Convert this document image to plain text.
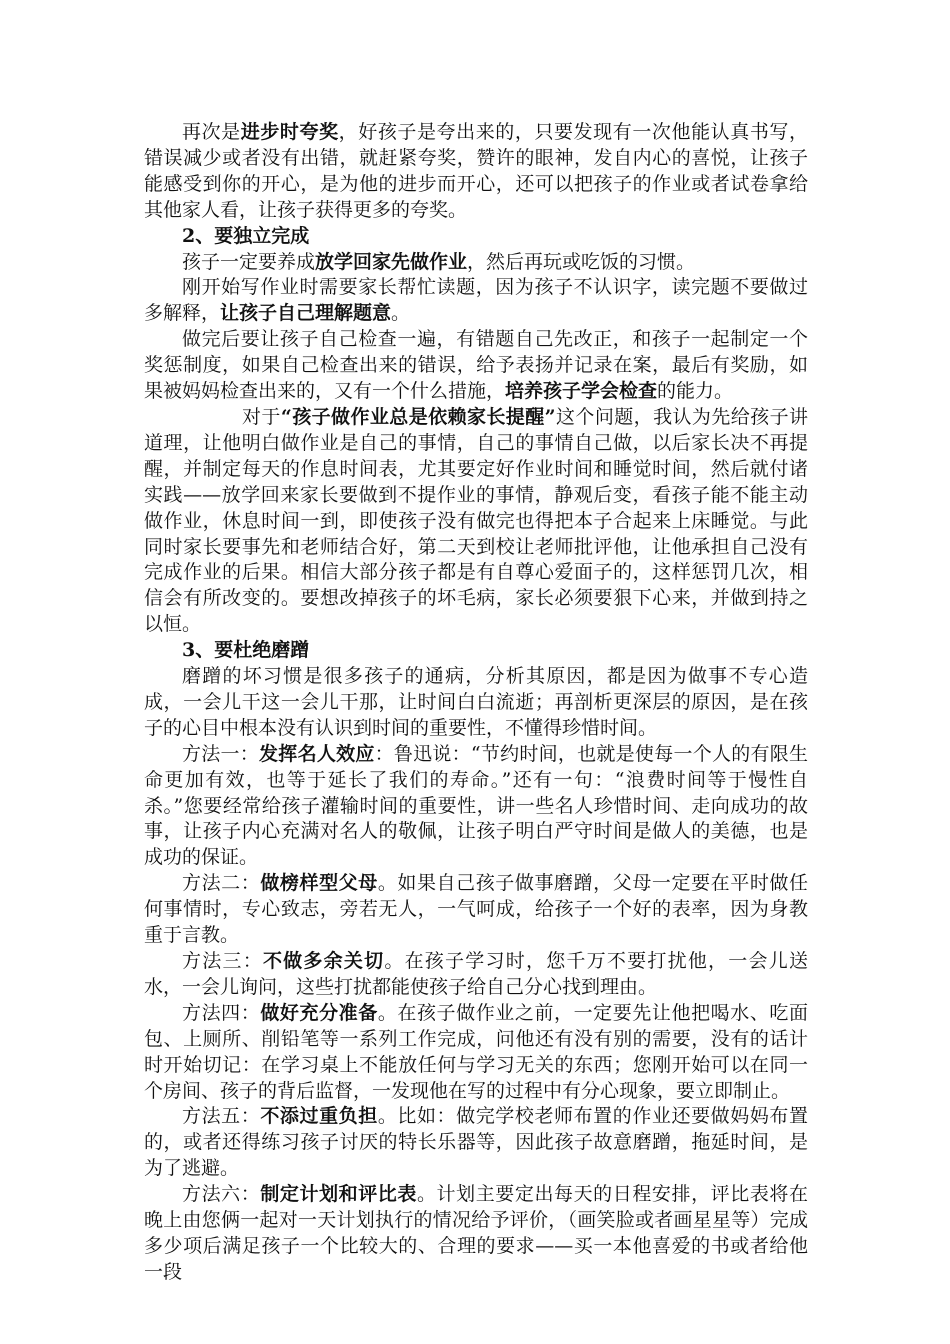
再次是进步时夸奖，好孩子是夸出来的，只要发现有一次他能认真书写，错误减少或者没有出错，就赶紧夸奖，赞许的眼神，发自内心的喜悦，让孩子能感受到你的开心，是为他的进步而开心，还可以把孩子的作业或者试卷拿给其他家人看，让孩子获得更多的夸奖。

2、要独立完成

孩子一定要养成放学回家先做作业，然后再玩或吃饭的习惯。

刚开始写作业时需要家长帮忙读题，因为孩子不认识字，读完题不要做过多解释，让孩子自己理解题意。

做完后要让孩子自己检查一遍，有错题自己先改正，和孩子一起制定一个奖惩制度，如果自己检查出来的错误，给予表扬并记录在案，最后有奖励，如果被妈妈检查出来的，又有一个什么措施，培养孩子学会检查的能力。

对于“孩子做作业总是依赖家长提醒”这个问题，我认为先给孩子讲道理，让他明白做作业是自己的事情，自己的事情自己做，以后家长决不再提醒，并制定每天的作息时间表，尤其要定好作业时间和睡觉时间，然后就付诸实践——放学回来家长要做到不提作业的事情，静观后变，看孩子能不能主动做作业，休息时间一到，即使孩子没有做完也得把本子合起来上床睡觉。与此同时家长要事先和老师结合好，第二天到校让老师批评他，让他承担自己没有完成作业的后果。相信大部分孩子都是有自尊心爱面子的，这样惩罚几次，相信会有所改变的。要想改掉孩子的坏毛病，家长必须要狠下心来，并做到持之以恒。

3、要杜绝磨蹭

磨蹭的坏习惯是很多孩子的通病，分析其原因，都是因为做事不专心造成，一会儿干这一会儿干那，让时间白白流逝；再剖析更深层的原因，是在孩子的心目中根本没有认识到时间的重要性，不懂得珍惜时间。

方法一：发挥名人效应：鲁迅说：“节约时间，也就是使每一个人的有限生命更加有效，也等于延长了我们的寿命。”还有一句：“浪费时间等于慢性自杀。”您要经常给孩子灌输时间的重要性，讲一些名人珍惜时间、走向成功的故事，让孩子内心充满对名人的敬佩，让孩子明白严守时间是做人的美德，也是成功的保证。

方法二：做榜样型父母。如果自己孩子做事磨蹭，父母一定要在平时做任何事情时，专心致志，旁若无人，一气呵成，给孩子一个好的表率，因为身教重于言教。

方法三：不做多余关切。在孩子学习时，您千万不要打扰他，一会儿送水，一会儿询问，这些打扰都能使孩子给自己分心找到理由。

方法四：做好充分准备。在孩子做作业之前，一定要先让他把喝水、吃面包、上厕所、削铅笔等一系列工作完成，问他还有没有别的需要，没有的话计时开始切记：在学习桌上不能放任何与学习无关的东西；您刚开始可以在同一个房间、孩子的背后监督，一发现他在写的过程中有分心现象，要立即制止。

方法五：不添过重负担。比如：做完学校老师布置的作业还要做妈妈布置的，或者还得练习孩子讨厌的特长乐器等，因此孩子故意磨蹭，拖延时间，是为了逃避。

方法六：制定计划和评比表。计划主要定出每天的日程安排，评比表将在晚上由您俩一起对一天计划执行的情况给予评价，（画笑脸或者画星星等）完成多少项后满足孩子一个比较大的、合理的要求——买一本他喜爱的书或者给他一段
